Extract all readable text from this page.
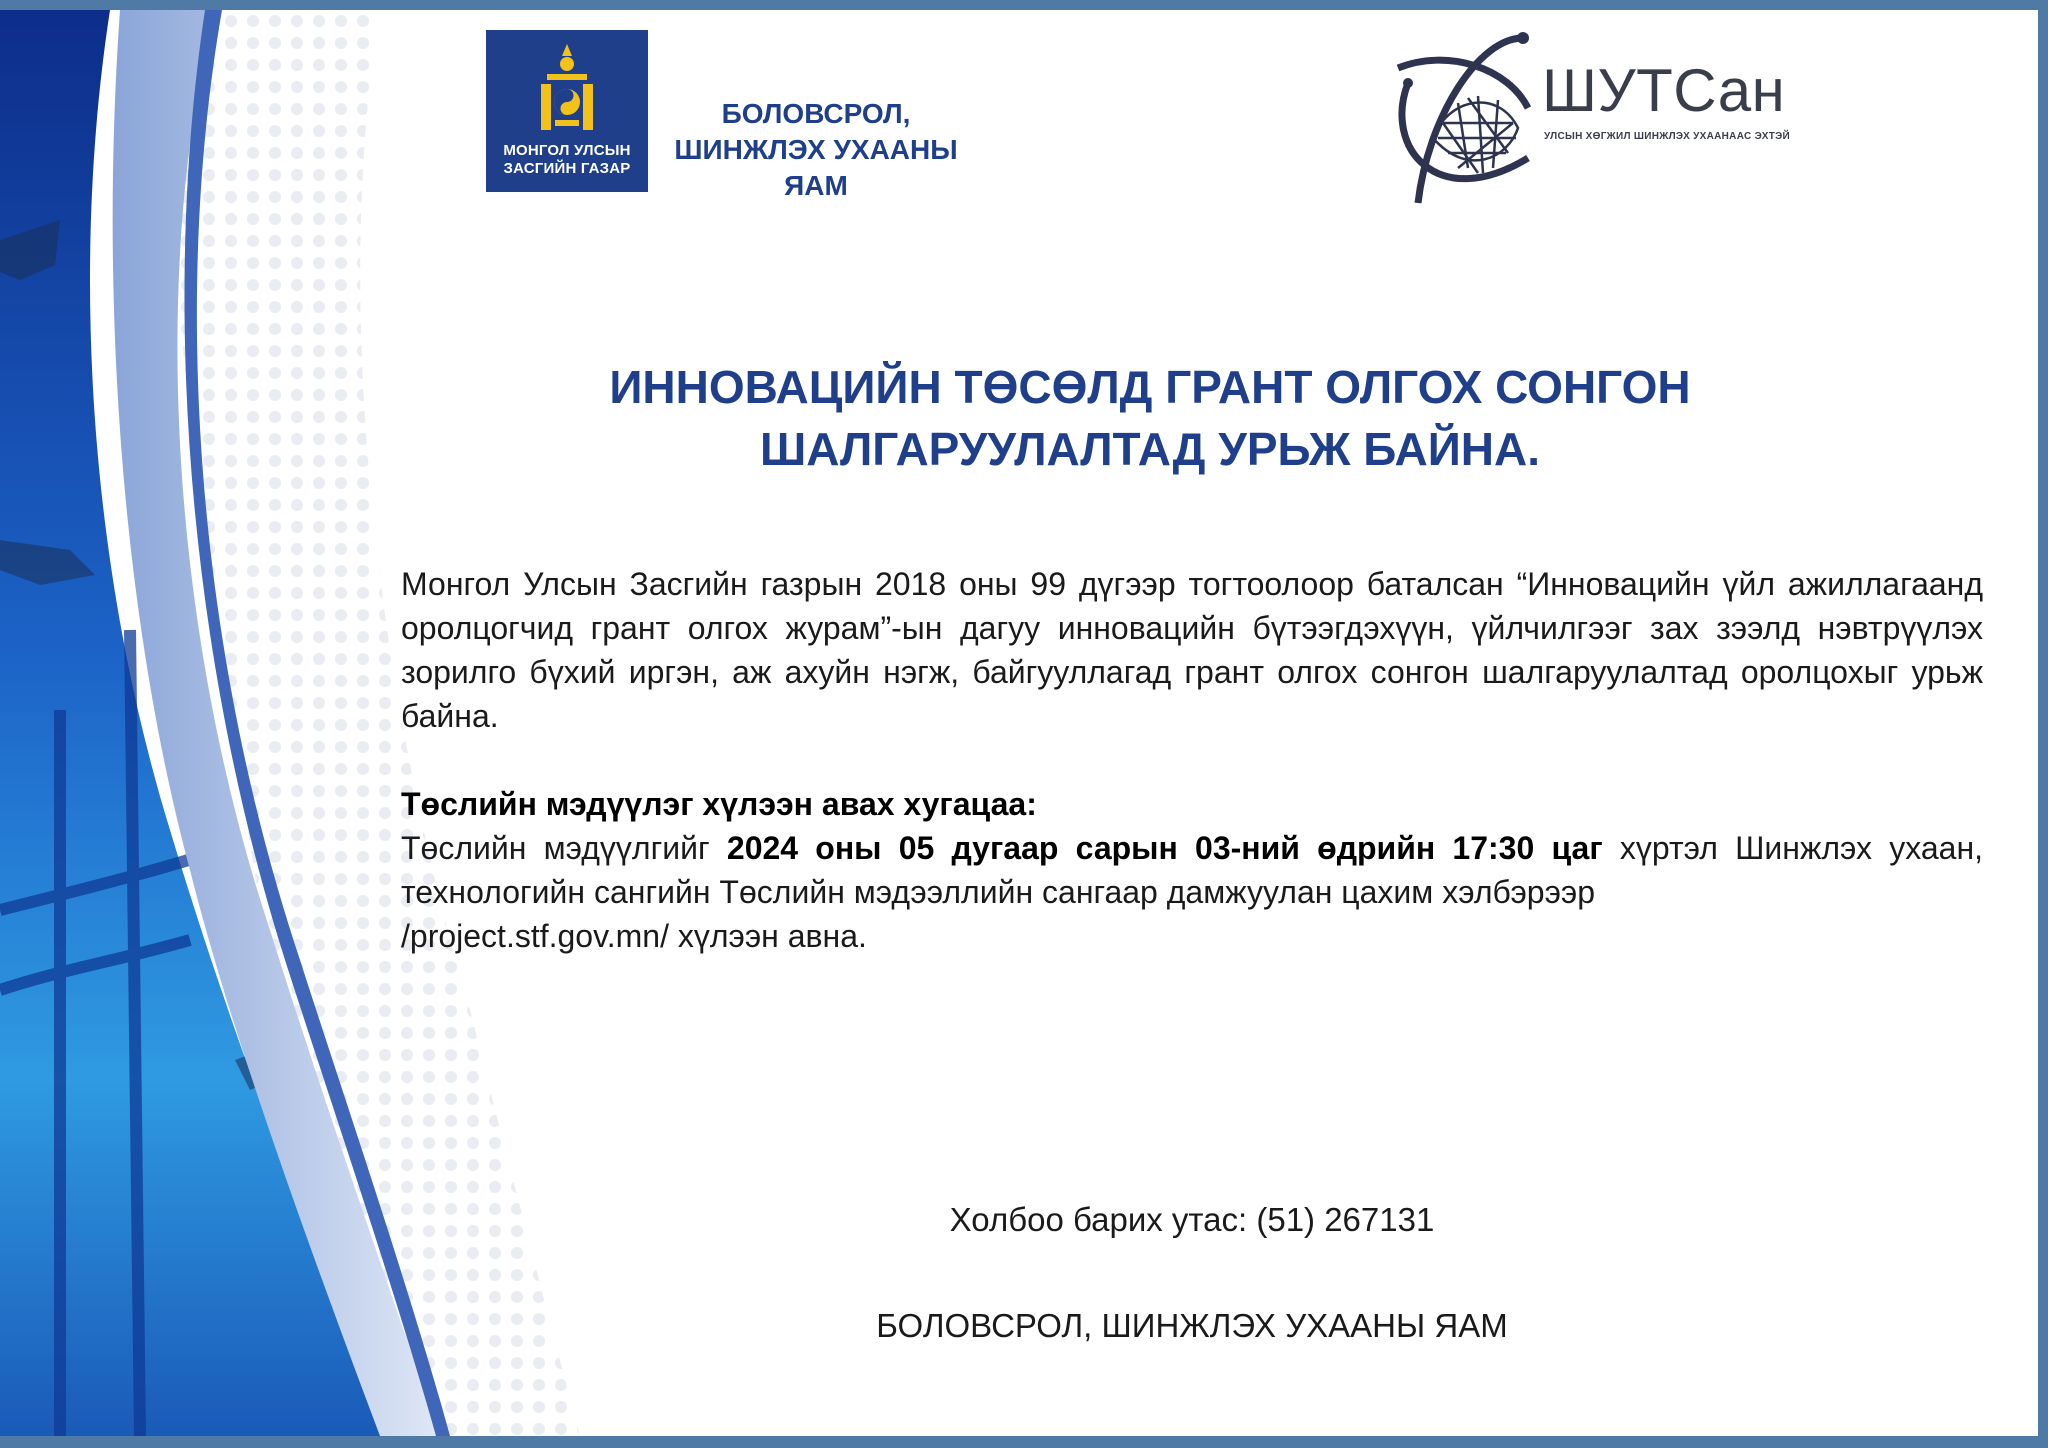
МОНГОЛ УЛСЫН
ЗАСГИЙН ГАЗАР
БОЛОВСРОЛ,
ШИНЖЛЭХ УХААНЫ
ЯАМ
ШУТСан
УЛСЫН ХӨГЖИЛ ШИНЖЛЭХ УХААНААС ЭХТЭЙ
ИННОВАЦИЙН ТӨСӨЛД ГРАНТ ОЛГОХ СОНГОН
ШАЛГАРУУЛАЛТАД УРЬЖ БАЙНА.

Монгол Улсын Засгийн газрын 2018 оны 99 дүгээр тогтоолоор баталсан “Инновацийн үйл ажиллагаанд оролцогчид грант олгох журам”-ын дагуу инновацийн бүтээгдэхүүн, үйлчилгээг зах зээлд нэвтрүүлэх зорилго бүхий иргэн, аж ахуйн нэгж, байгууллагад грант олгох сонгон шалгаруулалтад оролцохыг урьж байна.

Төслийн мэдүүлэг хүлээн авах хугацаа:
Төслийн мэдүүлгийг 2024 оны 05 дугаар сарын 03-ний өдрийн 17:30 цаг хүртэл Шинжлэх ухаан,
технологийн сангийн Төслийн мэдээллийн сангаар дамжуулан цахим хэлбэрээр
/project.stf.gov.mn/ хүлээн авна.
Холбоо барих утас: (51) 267131
БОЛОВСРОЛ, ШИНЖЛЭХ УХААНЫ ЯАМ
